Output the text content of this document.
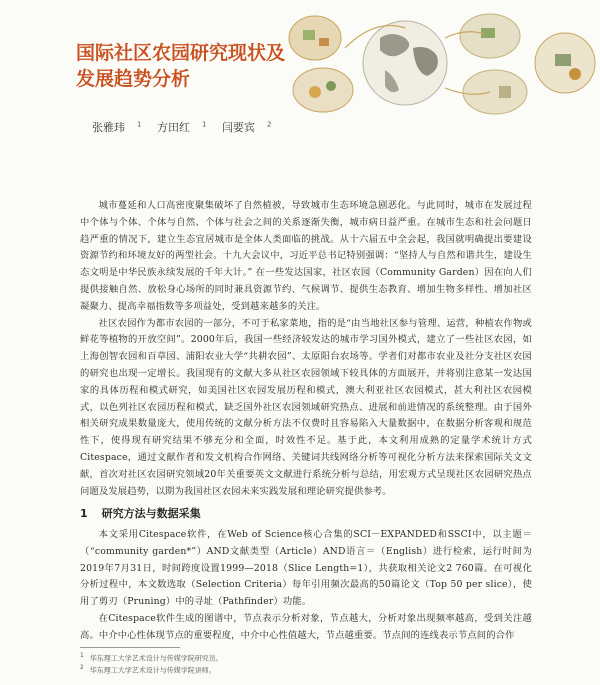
国际社区农园研究现状及
发展趋势分析
张雅玮 $^1$ 方田红 $^1$ 闫要宾 $^2$

城市蔓延和人口高密度聚集破坏了自然植被，导致城市生态环境急剧恶化。与此同时，城市在发展过程中个体与个体、个体与自然、个体与社会之间的关系逐渐失衡，城市病日益严重。在城市生态和社会问题日趋严重的情况下，建立生态宜居城市是全体人类面临的挑战。从十六届五中全会起，我国就明确提出要建设资源节约和环境友好的两型社会。十九大会议中，习近平总书记特别强调：“坚持人与自然和谐共生，建设生态文明是中华民族永续发展的千年大计。” 在一些发达国家，社区农园（Community Garden）因在向人们提供接触自然、放松身心场所的同时兼具资源节约、气候调节、提供生态教育、增加生物多样性、增加社区凝聚力、提高幸福指数等多项益处，受到越来越多的关注。

社区农园作为都市农园的一部分，不可于私家菜地，指的是“由当地社区参与管理、运营，种植农作物或鲜花等植物的开放空间”。2000年后，我国一些经济较发达的城市学习国外模式，建立了一些社区农园，如上海创智农园和百草园、浦阳农业大学“共耕农园”、太原阳台农场等。学者们对都市农业及社分支社区农园的研究也出现一定增长。我国现有的文献大多从社区农园领域下较具体的方面展开，并将别注意某一发达国家的具体历程和模式研究，如美国社区农园发展历程和模式，澳大利亚社区农园模式，甚大利社区农园模式，以色列社区农园历程和模式，缺乏国外社区农园领域研究热点、进展和前进情况的系统整理。由于国外相关研究成果数量庞大，使用传统的文献分析方法不仅费时且容易陷入大量数据中，在数据分析客观和规范性下，使得现有研究结果不够充分和全面，时效性不足。基于此，本文利用成熟的定量学术统计方式Citespace，通过文献作者和发文机构合作网络、关键词共线网络分析等可视化分析方法来探索国际关文文献，首次对社区农园研究领域20年关重要英文文献进行系统分析与总结，用宏观方式呈现社区农园研究热点问题及发展趋势，以期为我国社区农园未来实践发展和理论研究提供参考。

1 研究方法与数据采集

本文采用Citespace软件，在Web of Science核心合集的SCI－EXPANDED和SSCI中，以主题＝（“community garden*”）AND文献类型（Article）AND语言＝（English）进行检索，运行时间为2019年7月31日，时间跨度设置1999—2018（Slice Length=1），共获取相关论文2 760篇。在可视化分析过程中，本文数选取（Selection Criteria）每年引用频次最高的50篇论文（Top 50 per slice），使用了剪刃（Pruning）中的寻址（Pathfinder）功能。

在Citespace软件生成的图谱中，节点表示分析对象，节点越大，分析对象出现频率越高，受到关注越高。中介中心性体现节点的重要程度，中介中心性值越大，节点越重要。节点间的连线表示节点间的合作

$^1$ 华东理工大学艺术设计与传媒学院研究员。
$^2$ 华东理工大学艺术设计与传媒学院讲师。
